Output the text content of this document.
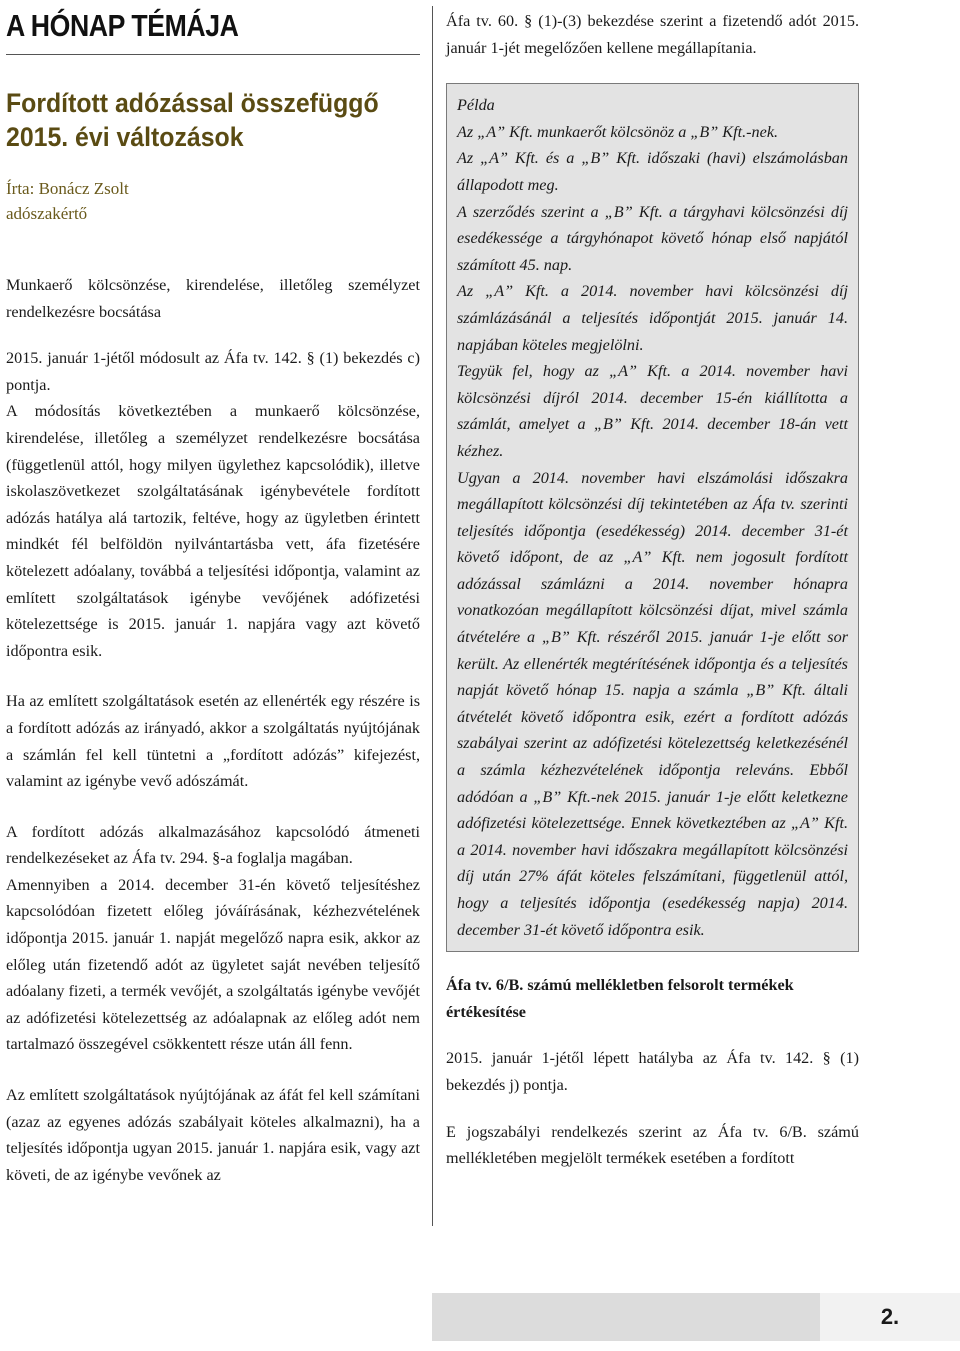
A HÓNAP TÉMÁJA
Fordított adózással összefüggő 2015. évi változások
Írta: Bonácz Zsolt
adószakértő

Munkaerő kölcsönzése, kirendelése, illetőleg személyzet rendelkezésre bocsátása

2015. január 1-jétől módosult az Áfa tv. 142. § (1) bekezdés c) pontja.

A módosítás következtében a munkaerő kölcsönzése, kirendelése, illetőleg a személyzet rendelkezésre bocsátása (függetlenül attól, hogy milyen ügylethez kapcsolódik), illetve iskolaszövetkezet szolgáltatásának igénybevétele fordított adózás hatálya alá tartozik, feltéve, hogy az ügyletben érintett mindkét fél belföldön nyilvántartásba vett, áfa fizetésére kötelezett adóalany, továbbá a teljesítési időpontja, valamint az említett szolgáltatások igénybe vevőjének adófizetési kötelezettsége is 2015. január 1. napjára vagy azt követő időpontra esik.

Ha az említett szolgáltatások esetén az ellenérték egy részére is a fordított adózás az irányadó, akkor a szolgáltatás nyújtójának a számlán fel kell tüntetni a „fordított adózás” kifejezést, valamint az igénybe vevő adószámát.

A fordított adózás alkalmazásához kapcsolódó átmeneti rendelkezéseket az Áfa tv. 294. §-a foglalja magában.

Amennyiben a 2014. december 31-én követő teljesítéshez kapcsolódóan fizetett előleg jóváírásának, kézhezvételének időpontja 2015. január 1. napját megelőző napra esik, akkor az előleg után fizetendő adót az ügyletet saját nevében teljesítő adóalany fizeti, a termék vevőjét, a szolgáltatás igénybe vevőjét az adófizetési kötelezettség az adóalapnak az előleg adót nem tartalmazó összegével csökkentett része után áll fenn.

Az említett szolgáltatások nyújtójának az áfát fel kell számítani (azaz az egyenes adózás szabályait köteles alkalmazni), ha a teljesítés időpontja ugyan 2015. január 1. napjára esik, vagy azt követi, de az igénybe vevőnek az

Áfa tv. 60. § (1)-(3) bekezdése szerint a fizetendő adót 2015. január 1-jét megelőzően kellene megállapítania.

Példa

Az „A” Kft. munkaerőt kölcsönöz a „B” Kft.-nek.

Az „A” Kft. és a „B” Kft. időszaki (havi) elszámolásban állapodott meg.

A szerződés szerint a „B” Kft. a tárgyhavi kölcsönzési díj esedékessége a tárgyhónapot követő hónap első napjától számított 45. nap.

Az „A” Kft. a 2014. november havi kölcsönzési díj számlázásánál a teljesítés időpontját 2015. január 14. napjában köteles megjelölni.

Tegyük fel, hogy az „A” Kft. a 2014. november havi kölcsönzési díjról 2014. december 15-én kiállította a számlát, amelyet a „B” Kft. 2014. december 18-án vett kézhez.

Ugyan a 2014. november havi elszámolási időszakra megállapított kölcsönzési díj tekintetében az Áfa tv. szerinti teljesítés időpontja (esedékesség) 2014. december 31-ét követő időpont, de az „A” Kft. nem jogosult fordított adózással számlázni a 2014. november hónapra vonatkozóan megállapított kölcsönzési díjat, mivel számla átvételére a „B” Kft. részéről 2015. január 1-je előtt sor került. Az ellenérték megtérítésének időpontja és a teljesítés napját követő hónap 15. napja a számla „B” Kft. általi átvételét követő időpontra esik, ezért a fordított adózás szabályai szerint az adófizetési kötelezettség keletkezésénél a számla kézhezvételének időpontja releváns. Ebből adódóan a „B” Kft.-nek 2015. január 1-je előtt keletkezne adófizetési kötelezettsége. Ennek következtében az „A” Kft. a 2014. november havi időszakra megállapított kölcsönzési díj után 27% áfát köteles felszámítani, függetlenül attól, hogy a teljesítés időpontja (esedékesség napja) 2014. december 31-ét követő időpontra esik.

Áfa tv. 6/B. számú mellékletben felsorolt termékek értékesítése

2015. január 1-jétől lépett hatályba az Áfa tv. 142. § (1) bekezdés j) pontja.

E jogszabályi rendelkezés szerint az Áfa tv. 6/B. számú mellékletében megjelölt termékek esetében a fordított

2.
